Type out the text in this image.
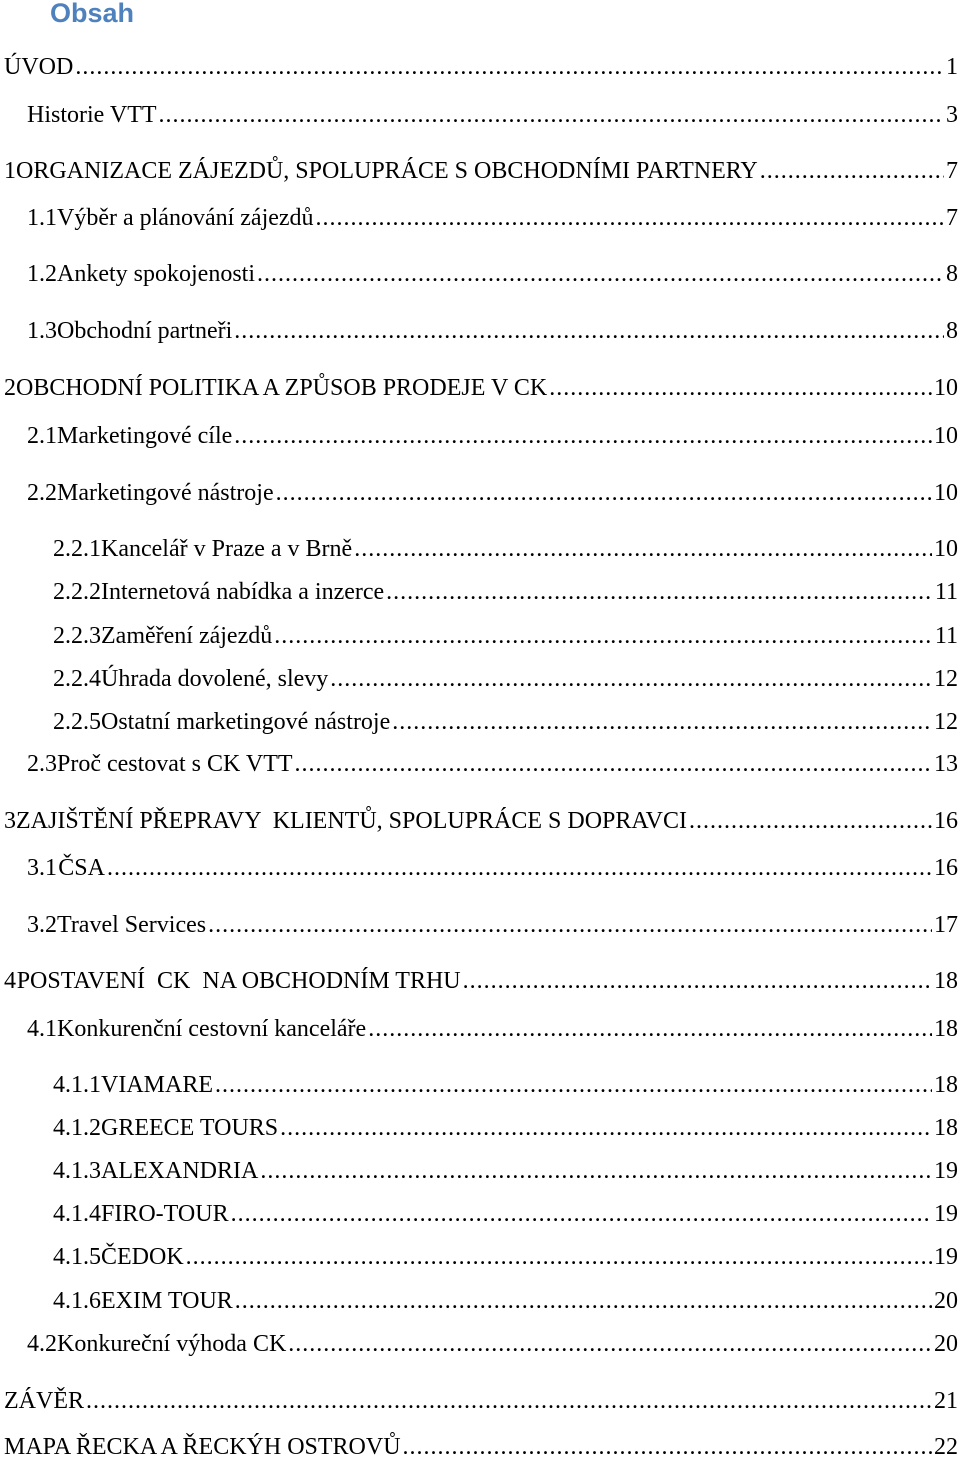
Obsah
ÚVOD .....	1
Historie VTT .....	3
1 ORGANIZACE ZÁJEZDŮ, SPOLUPRÁCE S OBCHODNÍMI PARTNERY .....	7
1.1 Výběr a plánování zájezdů .....	7
1.2 Ankety spokojenosti .....	8
1.3 Obchodní partneři .....	8
2 OBCHODNÍ POLITIKA A ZPŮSOB PRODEJE V CK .....	10
2.1 Marketingové cíle .....	10
2.2 Marketingové nástroje .....	10
2.2.1 Kancelář v Praze a v Brně .....	10
2.2.2 Internetová nabídka a inzerce .....	11
2.2.3 Zaměření zájezdů .....	11
2.2.4 Úhrada dovolené, slevy .....	12
2.2.5 Ostatní marketingové nástroje .....	12
2.3 Proč cestovat s CK VTT .....	13
3 ZAJIŠTĚNÍ PŘEPRAVY  KLIENTŮ, SPOLUPRÁCE S DOPRAVCI .....	16
3.1 ČSA .....	16
3.2 Travel Services .....	17
4 POSTAVENÍ  CK  NA OBCHODNÍM TRHU .....	18
4.1 Konkurenční cestovní kanceláře .....	18
4.1.1 VIAMARE .....	18
4.1.2 GREECE TOURS .....	18
4.1.3 ALEXANDRIA .....	19
4.1.4 FIRO-TOUR .....	19
4.1.5 ČEDOK .....	19
4.1.6 EXIM TOUR .....	20
4.2 Konkureční výhoda CK .....	20
ZÁVĚR .....	21
MAPA ŘECKA A ŘECKÝH OSTROVŮ .....	22
